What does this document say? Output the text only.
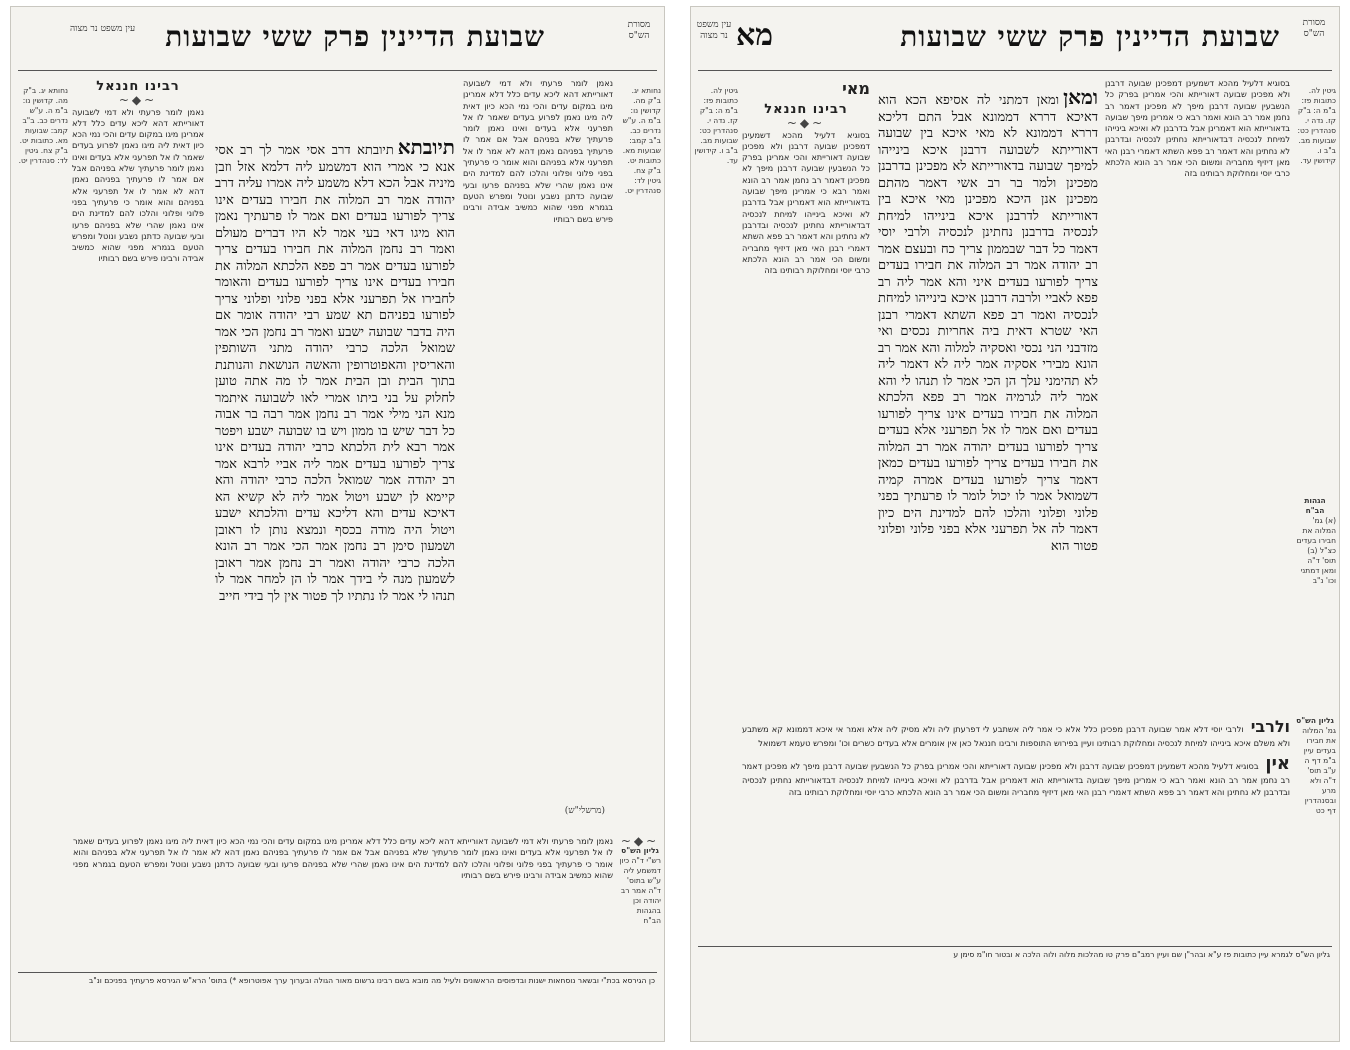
שבועת הדיינין פרק ששי שבועות	מסורת הש"ס
עין משפט נר מצוה
נחותא יג. ב"ק מה. קדושין נו: ב"מ ה. ע"ש נדרים כב. ב"ב קמב: שבועות מא. כתובות יט. ב"ק צח. גיטין לד: סנהדרין יט.
נאמן לומר פרעתי ולא דמי לשבועה דאורייתא דהא ליכא עדים כלל דלא אמרינן מיגו במקום עדים והכי נמי הכא כיון דאית ליה מיגו נאמן לפרוע בעדים שאמר לו אל תפרעני אלא בעדים ואינו נאמן לומר פרעתיך שלא בפניהם אבל אם אמר לו פרעתיך בפניהם נאמן דהא לא אמר לו אל תפרעני אלא בפניהם והוא אומר כי פרעתיך בפני פלוני ופלוני והלכו להם למדינת הים אינו נאמן שהרי שלא בפניהם פרעו ובעי שבועה כדתנן נשבע ונוטל ומפרש הטעם בגמרא מפני שהוא כמשיב אבידה ורבינו פירש בשם רבותיו
תיובתאתיובתא דרב אסי אמר לך רב אסי אנא כי אמרי הוא דמשמע ליה דלמא אזל וזבן מיניה אבל הכא דלא משמע ליה אמרו עליה דרב יהודה אמר רב המלוה את חבירו בעדים אינו צריך לפורעו בעדים ואם אמר לו פרעתיך נאמן הוא מיגו דאי בעי אמר לא היו דברים מעולם ואמר רב נחמן המלוה את חבירו בעדים צריך לפורעו בעדים אמר רב פפא הלכתא המלוה את חבירו בעדים אינו צריך לפורעו בעדים והאומר לחבירו אל תפרעני אלא בפני פלוני ופלוני צריך לפורעו בפניהם תא שמע רבי יהודה אומר אם היה בדבר שבועה ישבע ואמר רב נחמן הכי אמר שמואל הלכה כרבי יהודה מתני השותפין והאריסין והאפוטרופין והאשה הנושאת והנותנת בתוך הבית ובן הבית אמר לו מה אתה טוען לחלוק על בני ביתו אמרי לאו לשבועה איתמר מנא הני מילי אמר רב נחמן אמר רבה בר אבוה כל דבר שיש בו ממון ויש בו שבועה ישבע ויפטר אמר רבא לית הלכתא כרבי יהודה בעדים אינו צריך לפורעו בעדים אמר ליה אביי לרבא אמר רב יהודה אמר שמואל הלכה כרבי יהודה והא קיימא לן ישבע ויטול אמר ליה לא קשיא הא דאיכא עדים והא דליכא עדים והלכתא ישבע ויטול היה מודה בכסף ונמצא נותן לו ראובן ושמעון סימן רב נחמן אמר הכי אמר רב הונא הלכה כרבי יהודה ואמר רב נחמן אמר ראובן לשמעון מנה לי בידך אמר לו הן למחר אמר לו תנהו לי אמר לו נתתיו לך פטור אין לך בידי חייב
רבינו חננאל
~◆~
נאמן לומר פרעתי ולא דמי לשבועה דאורייתא דהא ליכא עדים כלל דלא אמרינן מיגו במקום עדים והכי נמי הכא כיון דאית ליה מיגו נאמן לפרוע בעדים שאמר לו אל תפרעני אלא בעדים ואינו נאמן לומר פרעתיך שלא בפניהם אבל אם אמר לו פרעתיך בפניהם נאמן דהא לא אמר לו אל תפרעני אלא בפניהם והוא אומר כי פרעתיך בפני פלוני ופלוני והלכו להם למדינת הים אינו נאמן שהרי שלא בפניהם פרעו ובעי שבועה כדתנן נשבע ונוטל ומפרש הטעם בגמרא מפני שהוא כמשיב אבידה ורבינו פירש בשם רבותיו
נחותא יג. ב"ק מה. קדושין נו: ב"מ ה. ע"ש נדרים כב. ב"ב קמב: שבועות מא. כתובות יט. ב"ק צח. גיטין לד: סנהדרין יט.
(מרשלי"ש)
~◆~
גליון הש"ס
רש"י ד"ה כיון דמשמע ליה ע"ש בתוס' ד"ה אמר רב יהודה וכן בהגהות הב"ח
נאמן לומר פרעתי ולא דמי לשבועה דאורייתא דהא ליכא עדים כלל דלא אמרינן מיגו במקום עדים והכי נמי הכא כיון דאית ליה מיגו נאמן לפרוע בעדים שאמר לו אל תפרעני אלא בעדים ואינו נאמן לומר פרעתיך שלא בפניהם אבל אם אמר לו פרעתיך בפניהם נאמן דהא לא אמר לו אל תפרעני אלא בפניהם והוא אומר כי פרעתיך בפני פלוני ופלוני והלכו להם למדינת הים אינו נאמן שהרי שלא בפניהם פרעו ובעי שבועה כדתנן נשבע ונוטל ומפרש הטעם בגמרא מפני שהוא כמשיב אבידה ורבינו פירש בשם רבותיו
כן הגירסא בכת"י ובשאר נוסחאות ישנות ובדפוסים הראשונים ולעיל מה מובא בשם רבינו גרשום מאור הגולה ובערוך ערך אפוטרופא *) בתוס' הרא"ש הגירסא פרעתיך בפניכם ונ"ב
מא	שבועת הדיינין פרק ששי שבועות	מסורת הש"ס
עין משפט נר מצוה
בסוגיא דלעיל מהכא דשמעינן דמפכינן שבועה דרבנן ולא מפכינן שבועה דאורייתא והכי אמרינן בפרק כל הנשבעין שבועה דרבנן מיפך לא מפכינן דאמר רב נחמן אמר רב הונא ואמר רבא כי אמרינן מיפך שבועה בדאורייתא הוא דאמרינן אבל בדרבנן לא ואיכא בינייהו למיחת לנכסיה דבדאורייתא נחתינן לנכסיה ובדרבנן לא נחתינן והא דאמר רב פפא השתא דאמרי רבנן האי מאן דיזיף מחבריה ומשום הכי אמר רב הונא הלכתא כרבי יוסי ומחלוקת רבותינו בזה
ומאןומאן דמתני לה אסיפא הכא הוא דאיכא דררא דממונא אבל התם דליכא דררא דממונא לא מאי איכא בין שבועה דאורייתא לשבועה דרבנן איכא בינייהו למיפך שבועה בדאורייתא לא מפכינן בדרבנן מפכינן ולמר בר רב אשי דאמר מהתם מפכינן אנן היכא מפכינן מאי איכא בין דאורייתא לדרבנן איכא בינייהו למיחת לנכסיה בדרבנן נחתינן לנכסיה ולרבי יוסי דאמר כל דבר שבממון צריך כח ובעצם אמר רב יהודה אמר רב המלוה את חבירו בעדים צריך לפורעו בעדים איני והא אמר ליה רב פפא לאביי ולרבה דרבנן איכא בינייהו למיחת לנכסיה ואמר רב פפא השתא דאמרי רבנן האי שטרא דאית ביה אחריות נכסים ואי מזדבני הני נכסי ואסקיה למלוה והא אמר רב הונא מבירי אסקיה אמר ליה לא דאמר ליה לא תהימני עלך הן הכי אמר לו תנהו לי והא אמר ליה לגרמיה אמר רב פפא הלכתא המלוה את חבירו בעדים אינו צריך לפורעו בעדים ואם אמר לו אל תפרעני אלא בעדים צריך לפורעו בעדים יהודה אמר רב המלוה את חבירו בעדים צריך לפורעו בעדים כמאן דאמר צריך לפורעו בעדים אמרה קמיה דשמואל אמר לו יכול לומר לו פרעתיך בפני פלוני ופלוני והלכו להם למדינת הים כיון דאמר לה אל תפרעני אלא בפני פלוני ופלוני פטור הוא
מאי
רבינו חננאל
~◆~
בסוגיא דלעיל מהכא דשמעינן דמפכינן שבועה דרבנן ולא מפכינן שבועה דאורייתא והכי אמרינן בפרק כל הנשבעין שבועה דרבנן מיפך לא מפכינן דאמר רב נחמן אמר רב הונא ואמר רבא כי אמרינן מיפך שבועה בדאורייתא הוא דאמרינן אבל בדרבנן לא ואיכא בינייהו למיחת לנכסיה דבדאורייתא נחתינן לנכסיה ובדרבנן לא נחתינן והא דאמר רב פפא השתא דאמרי רבנן האי מאן דיזיף מחבריה ומשום הכי אמר רב הונא הלכתא כרבי יוסי ומחלוקת רבותינו בזה
גיטין לה. כתובות פז: ב"מ ה: ב"ק קז. נדה י. סנהדרין כט: שבועות מב. ב"ב ו. קידושין עד.
גיטין לה. כתובות פז: ב"מ ה: ב"ק קז. נדה י. סנהדרין כט: שבועות מב. ב"ב ו. קידושין עד.
הגהות הב"ח
(א) גמ' המלוה את חבירו בעדים כצ"ל (ב) תוס' ד"ה ומאן דמתני וכו' נ"ב
ולרבי ולרבי יוסי דלא אמר שבועה דרבנן מפכינן כלל אלא כי אמר ליה אשתבע לי דפרעתן ליה ולא מסיק ליה אלא ואמר אי איכא דממונא קא משתבע ולא משלם איכא בינייהו למיחת לנכסיה ומחלוקת רבותינו ועיין בפירוש התוספות ורבינו חננאל כאן אין אומרים אלא בעדים כשרים וכו' ומפרש טעמא דשמואל
אין בסוגיא דלעיל מהכא דשמעינן דמפכינן שבועה דרבנן ולא מפכינן שבועה דאורייתא והכי אמרינן בפרק כל הנשבעין שבועה דרבנן מיפך לא מפכינן דאמר רב נחמן אמר רב הונא ואמר רבא כי אמרינן מיפך שבועה בדאורייתא הוא דאמרינן אבל בדרבנן לא ואיכא בינייהו למיחת לנכסיה דבדאורייתא נחתינן לנכסיה ובדרבנן לא נחתינן והא דאמר רב פפא השתא דאמרי רבנן האי מאן דיזיף מחבריה ומשום הכי אמר רב הונא הלכתא כרבי יוסי ומחלוקת רבותינו בזה
גליון הש"ס
גמ' המלוה את חבירו בעדים עיין ב"מ דף ה ע"ב תוס' ד"ה ולא מרע ובסנהדרין דף כט
גליון הש"ס לגמרא עיין כתובות פז ע"א ובהר"ן שם ועיין רמב"ם פרק טו מהלכות מלוה ולוה הלכה א ובטור חו"מ סימן ע
